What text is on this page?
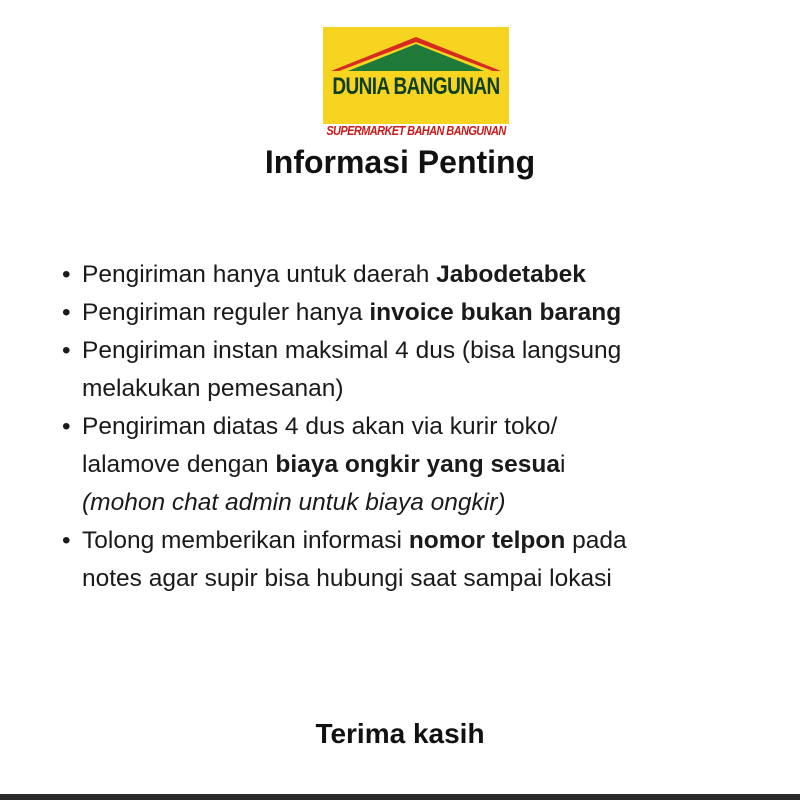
DUNIA BANGUNAN
SUPERMARKET BAHAN BANGUNAN
Informasi Penting
• Pengiriman hanya untuk daerah Jabodetabek
• Pengiriman reguler hanya invoice bukan barang
• Pengiriman instan maksimal 4 dus (bisa langsung
melakukan pemesanan)
• Pengiriman diatas 4 dus akan via kurir toko/
lalamove dengan biaya ongkir yang sesuai
(mohon chat admin untuk biaya ongkir)
• Tolong memberikan informasi nomor telpon pada
notes agar supir bisa hubungi saat sampai lokasi
Terima kasih
